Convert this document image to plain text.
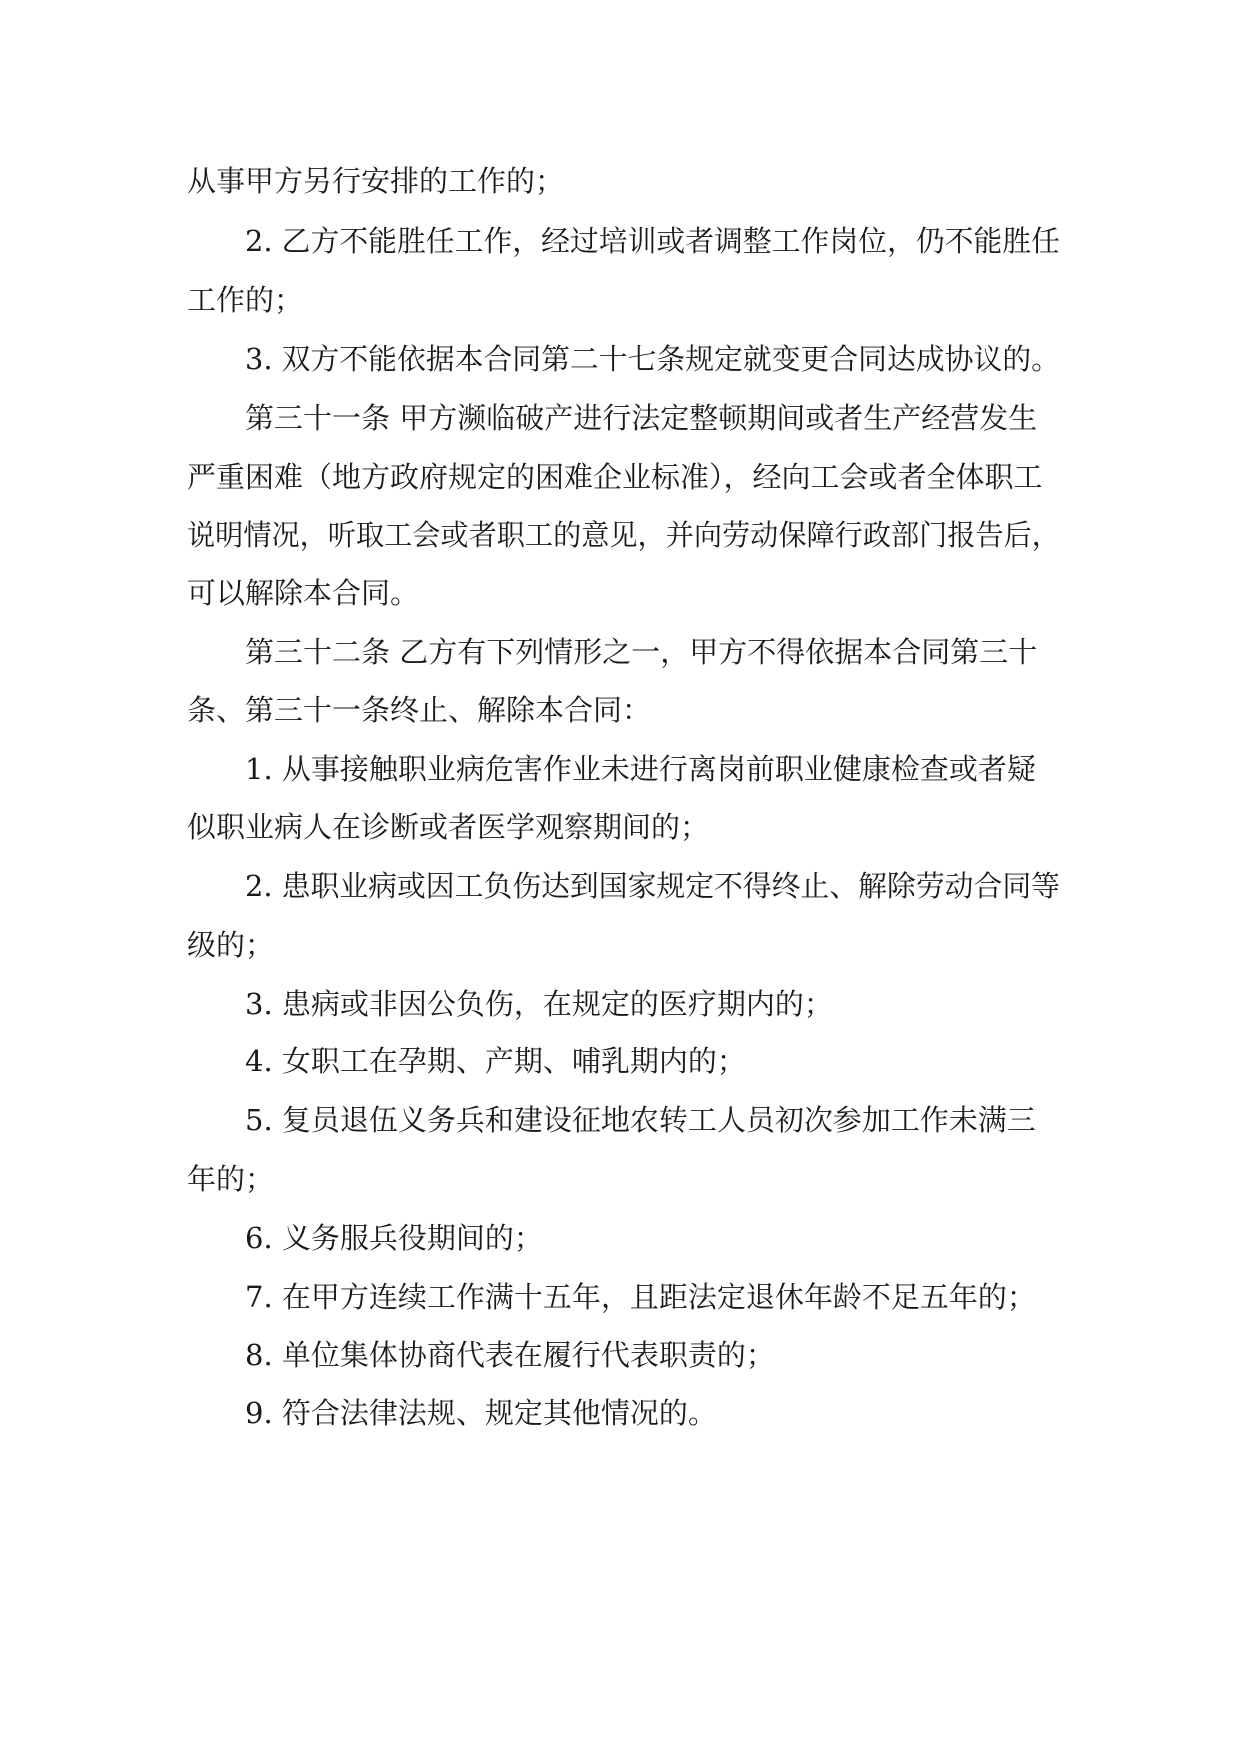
从事甲方另行安排的工作的；
2. 乙方不能胜任工作，经过培训或者调整工作岗位，仍不能胜任
工作的；
3. 双方不能依据本合同第二十七条规定就变更合同达成协议的。
第三十一条 甲方濒临破产进行法定整顿期间或者生产经营发生
严重困难（地方政府规定的困难企业标准），经向工会或者全体职工
说明情况，听取工会或者职工的意见，并向劳动保障行政部门报告后，
可以解除本合同。
第三十二条 乙方有下列情形之一，甲方不得依据本合同第三十
条、第三十一条终止、解除本合同：
1. 从事接触职业病危害作业未进行离岗前职业健康检查或者疑
似职业病人在诊断或者医学观察期间的；
2. 患职业病或因工负伤达到国家规定不得终止、解除劳动合同等
级的；
3. 患病或非因公负伤，在规定的医疗期内的；
4. 女职工在孕期、产期、哺乳期内的；
5. 复员退伍义务兵和建设征地农转工人员初次参加工作未满三
年的；
6. 义务服兵役期间的；
7. 在甲方连续工作满十五年，且距法定退休年龄不足五年的；
8. 单位集体协商代表在履行代表职责的；
9. 符合法律法规、规定其他情况的。
